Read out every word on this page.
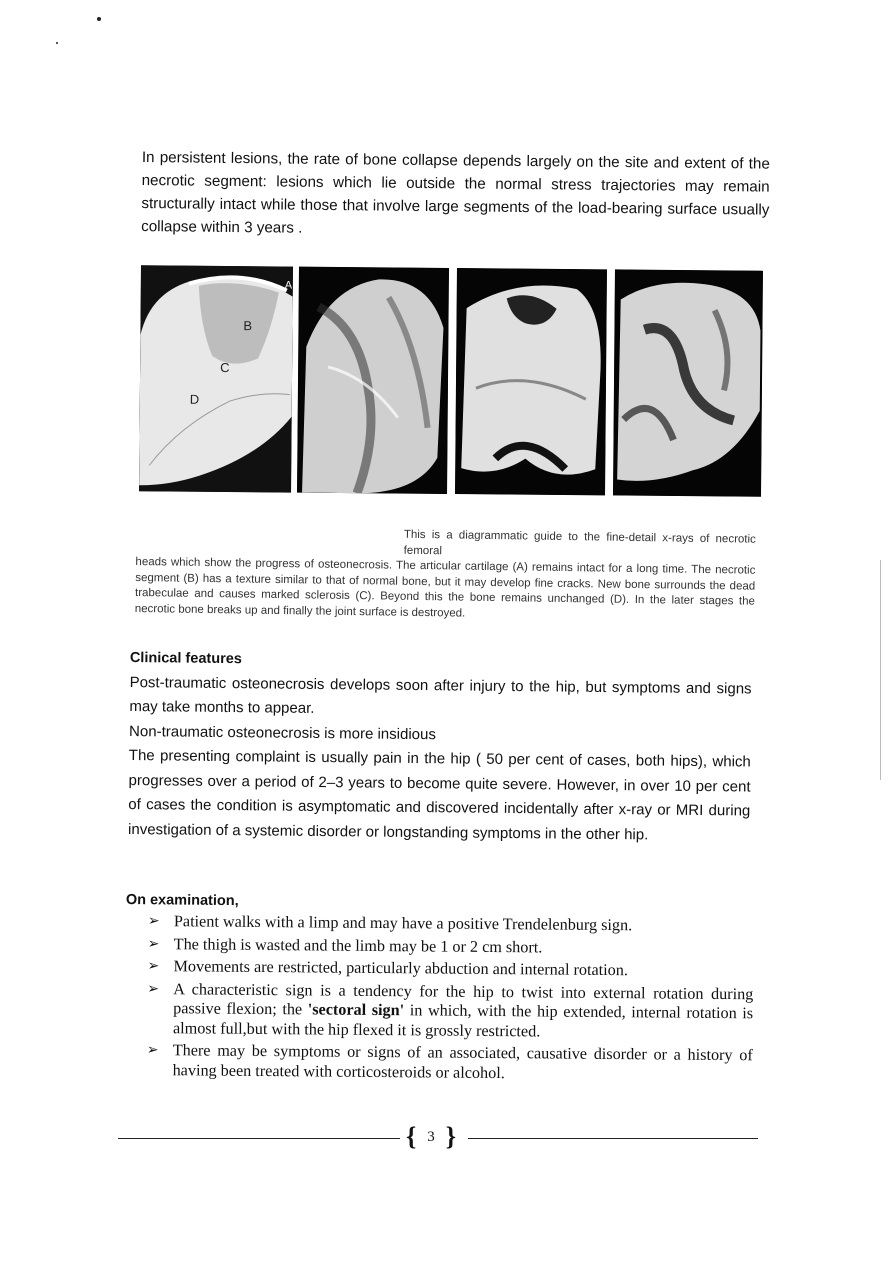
In persistent lesions, the rate of bone collapse depends largely on the site and extent of the necrotic segment: lesions which lie outside the normal stress trajectories may remain structurally intact while those that involve large segments of the load-bearing surface usually collapse within 3 years .
A
B
C
D
This is a diagrammatic guide to the fine-detail x-rays of necrotic femoral
heads which show the progress of osteonecrosis. The articular cartilage (A) remains intact for a long time. The necrotic segment (B) has a texture similar to that of normal bone, but it may develop fine cracks. New bone surrounds the dead trabeculae and causes marked sclerosis (C). Beyond this the bone remains unchanged (D). In the later stages the necrotic bone breaks up and finally the joint surface is destroyed.
Clinical features
Post-traumatic osteonecrosis develops soon after injury to the hip, but symptoms and signs may take months to appear.
Non-traumatic osteonecrosis is more insidious
The presenting complaint is usually pain in the hip ( 50 per cent of cases, both hips), which progresses over a period of 2–3 years to become quite severe. However, in over 10 per cent of cases the condition is asymptomatic and discovered incidentally after x-ray or MRI during investigation of a systemic disorder or longstanding symptoms in the other hip.
On examination,
➢ Patient walks with a limp and may have a positive Trendelenburg sign.
➢ The thigh is wasted and the limb may be 1 or 2 cm short.
➢ Movements are restricted, particularly abduction and internal rotation.
➢ A characteristic sign is a tendency for the hip to twist into external rotation during passive flexion; the 'sectoral sign' in which, with the hip extended, internal rotation is almost full,but with the hip flexed it is grossly restricted.
➢ There may be symptoms or signs of an associated, causative disorder or a history of having been treated with corticosteroids or alcohol.
{ 3 }
